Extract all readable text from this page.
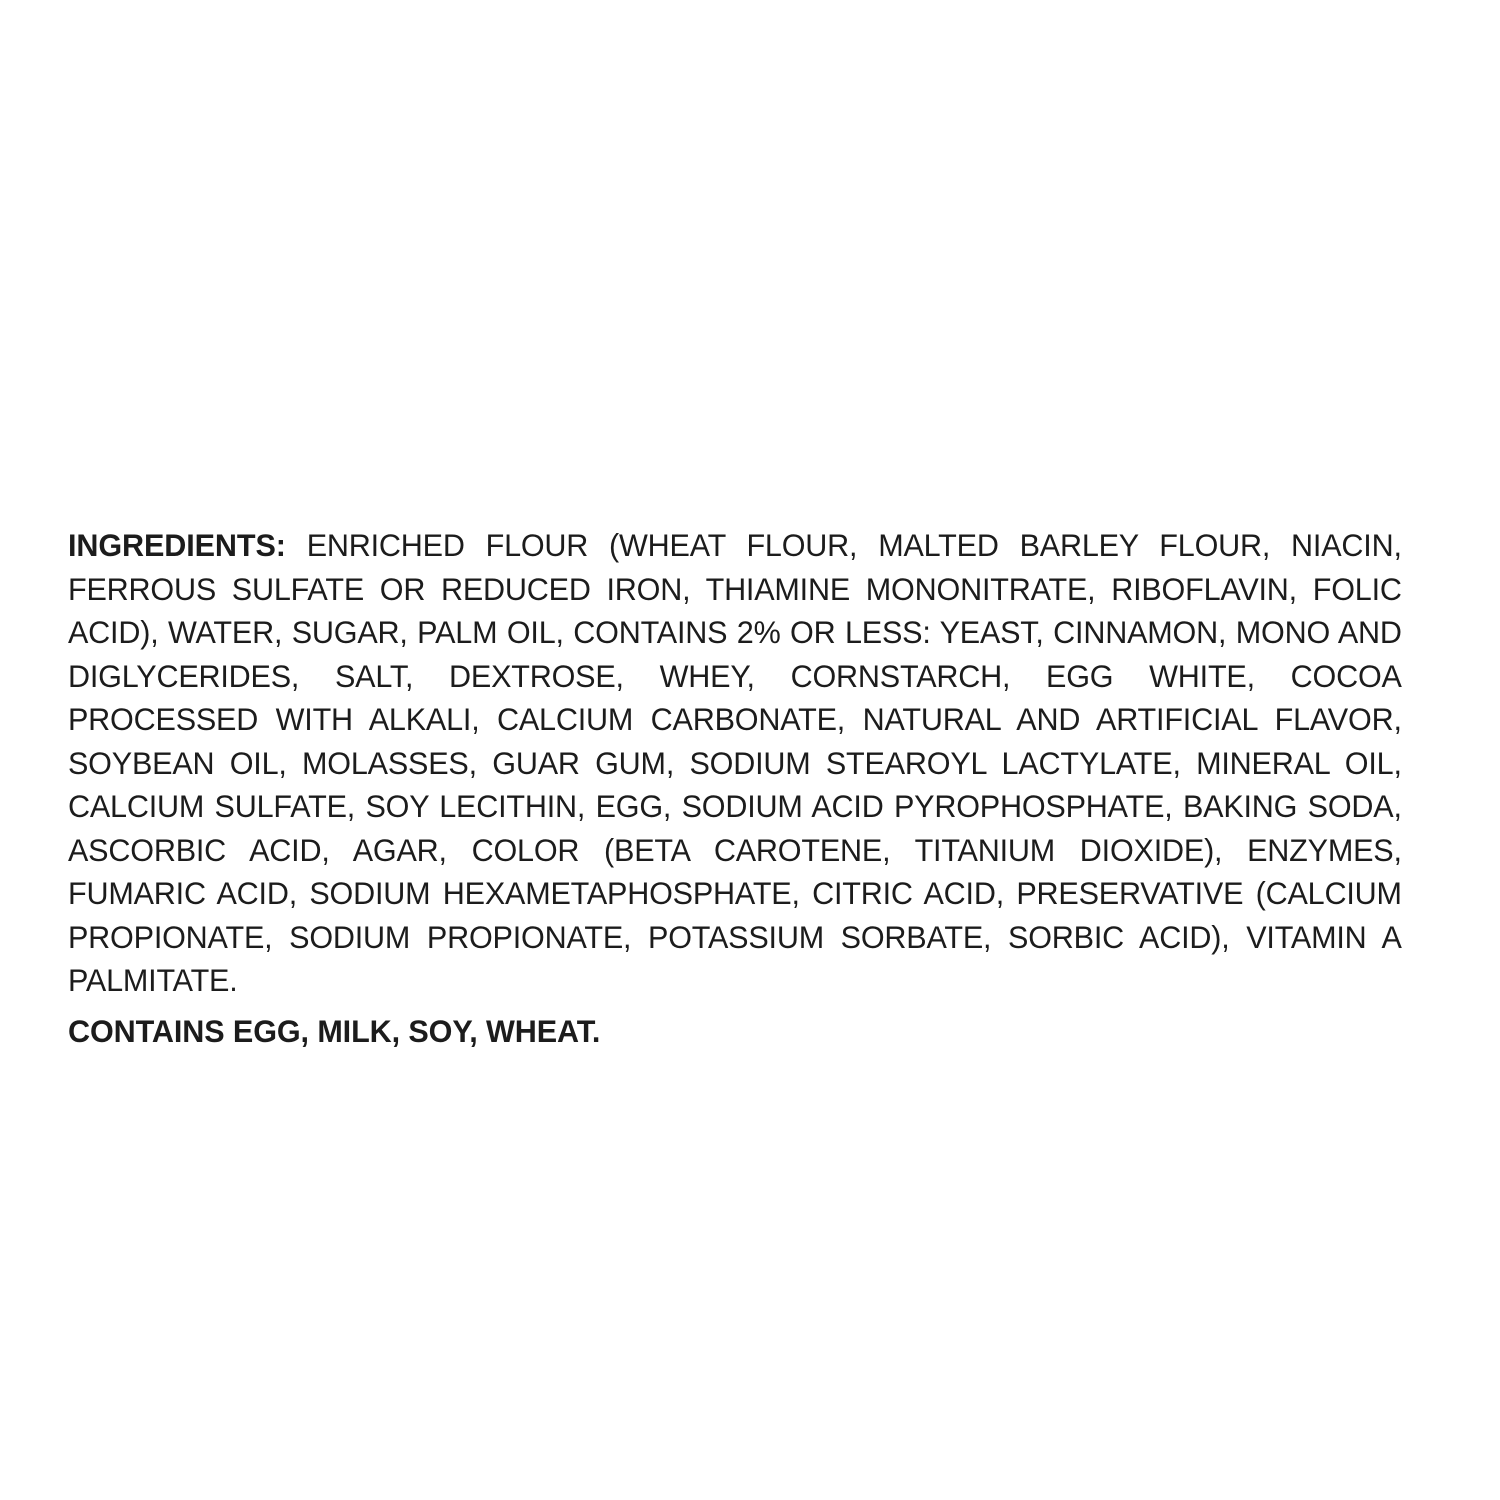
INGREDIENTS: ENRICHED FLOUR (WHEAT FLOUR, MALTED BARLEY FLOUR, NIACIN, FERROUS SULFATE OR REDUCED IRON, THIAMINE MONONITRATE, RIBOFLAVIN, FOLIC ACID), WATER, SUGAR, PALM OIL, CONTAINS 2% OR LESS: YEAST, CINNAMON, MONO AND DIGLYCERIDES, SALT, DEXTROSE, WHEY, CORNSTARCH, EGG WHITE, COCOA PROCESSED WITH ALKALI, CALCIUM CARBONATE, NATURAL AND ARTIFICIAL FLAVOR, SOYBEAN OIL, MOLASSES, GUAR GUM, SODIUM STEAROYL LACTYLATE, MINERAL OIL, CALCIUM SULFATE, SOY LECITHIN, EGG, SODIUM ACID PYROPHOSPHATE, BAKING SODA, ASCORBIC ACID, AGAR, COLOR (BETA CAROTENE, TITANIUM DIOXIDE), ENZYMES, FUMARIC ACID, SODIUM HEXAMETAPHOSPHATE, CITRIC ACID, PRESERVATIVE (CALCIUM PROPIONATE, SODIUM PROPIONATE, POTASSIUM SORBATE, SORBIC ACID), VITAMIN A PALMITATE.

CONTAINS EGG, MILK, SOY, WHEAT.
